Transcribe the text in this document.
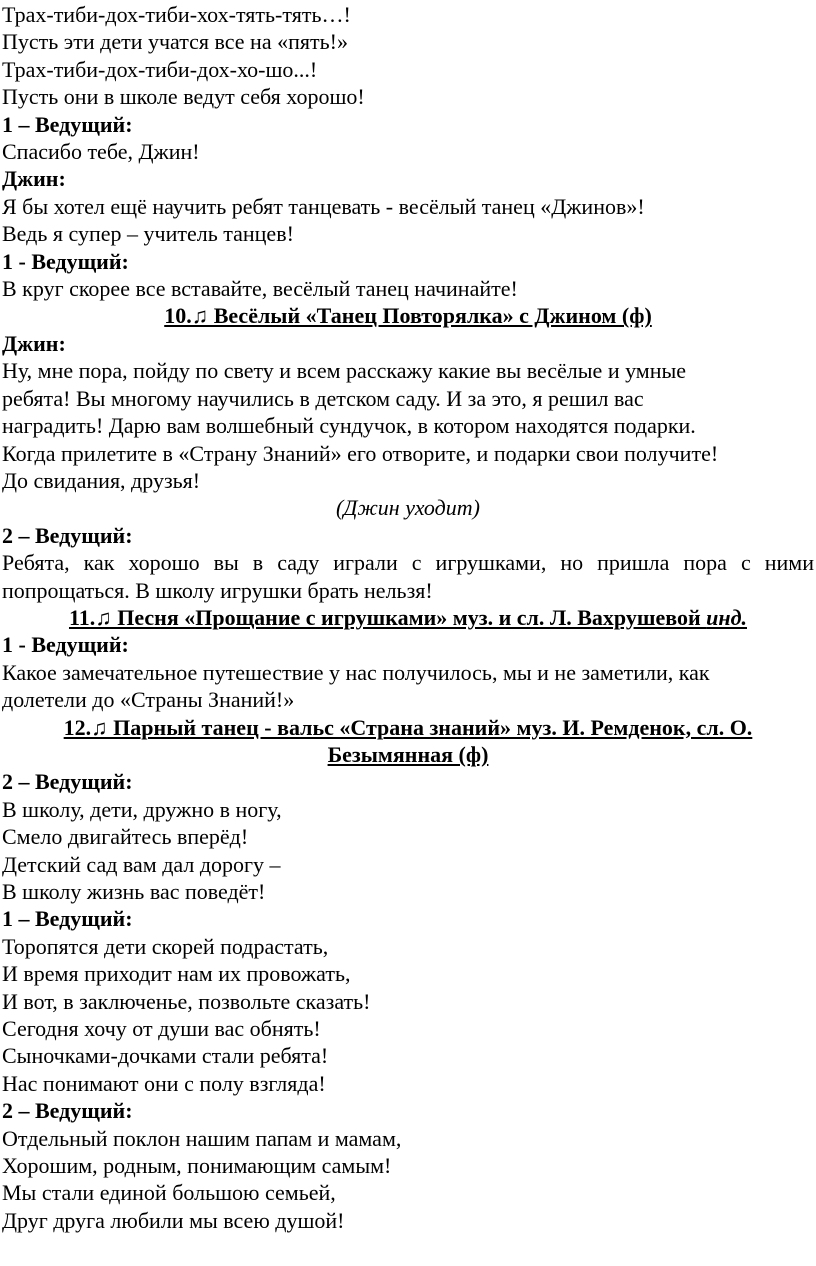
Трах-тиби-дох-тиби-хох-тять-тять…!
Пусть эти дети учатся все на «пять!»
Трах-тиби-дох-тиби-дох-хо-шо...!
Пусть они в школе ведут себя хорошо!
1 – Ведущий:
Спасибо тебе, Джин!
Джин:
Я бы хотел ещё научить ребят танцевать - весёлый танец «Джинов»!
Ведь я супер – учитель танцев!
1 - Ведущий:
В круг скорее все вставайте, весёлый танец начинайте!
10.♫ Весёлый «Танец Повторялка» с Джином (ф)
Джин:
Ну, мне пора, пойду по свету и всем расскажу какие вы весёлые и умные
ребята! Вы многому научились в детском саду. И за это, я решил вас
наградить! Дарю вам волшебный сундучок, в котором находятся подарки.
Когда прилетите в «Страну Знаний» его отворите, и подарки свои получите!
До свидания, друзья!
(Джин уходит)
2 – Ведущий:
Ребята, как хорошо вы в саду играли с игрушками, но пришла пора с ними
попрощаться. В школу игрушки брать нельзя!
11.♫ Песня «Прощание с игрушками» муз. и сл. Л. Вахрушевой инд.
1 - Ведущий:
Какое замечательное путешествие у нас получилось, мы и не заметили, как
долетели до «Страны Знаний!»
12.♫ Парный танец - вальс «Страна знаний» муз. И. Ремденок, сл. О.
Безымянная (ф)
2 – Ведущий:
В школу, дети, дружно в ногу,
Смело двигайтесь вперёд!
Детский сад вам дал дорогу –
В школу жизнь вас поведёт!
1 – Ведущий:
Торопятся дети скорей подрастать,
И время приходит нам их провожать,
И вот, в заключенье, позвольте сказать!
Сегодня хочу от души вас обнять!
Сыночками-дочками стали ребята!
Нас понимают они с полу взгляда!
2 – Ведущий:
Отдельный поклон нашим папам и мамам,
Хорошим, родным, понимающим самым!
Мы стали единой большою семьей,
Друг друга любили мы всею душой!
